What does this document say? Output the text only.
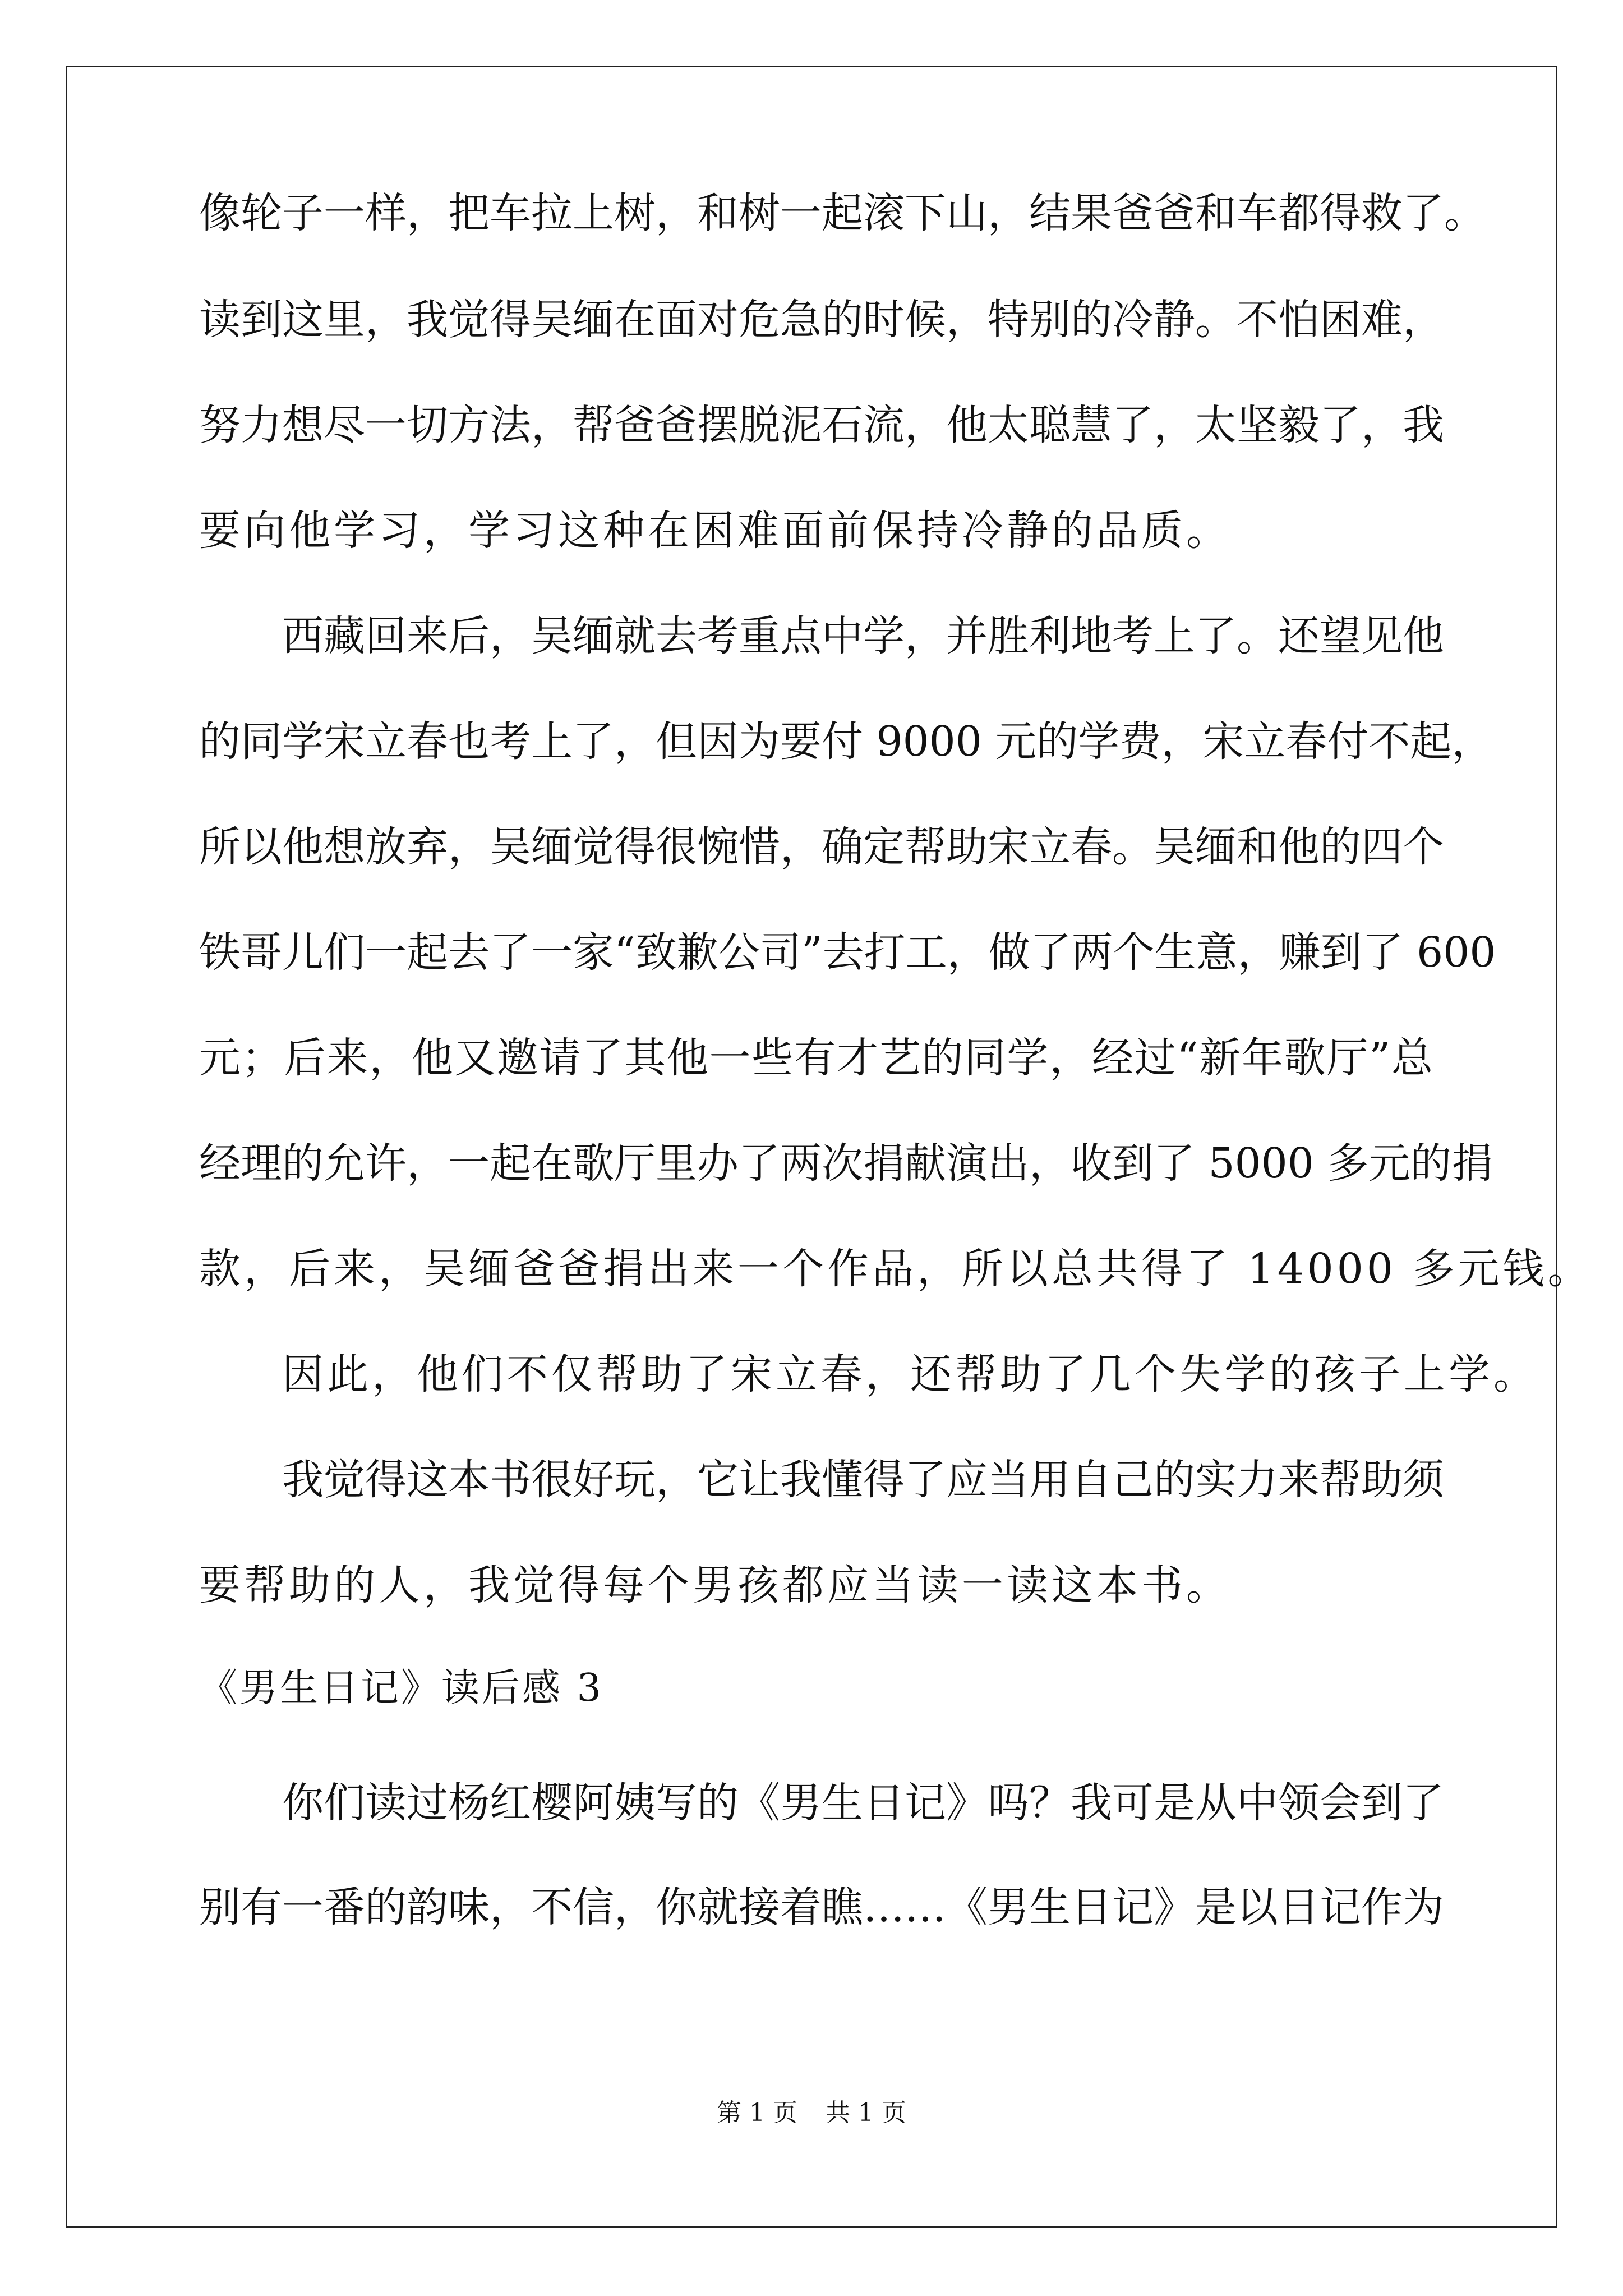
像轮子一样，把车拉上树，和树一起滚下山，结果爸爸和车都得救了。
读到这里，我觉得吴缅在面对危急的时候，特别的冷静。不怕困难，
努力想尽一切方法，帮爸爸摆脱泥石流，他太聪慧了，太坚毅了，我
要向他学习，学习这种在困难面前保持冷静的品质。
西藏回来后，吴缅就去考重点中学，并胜利地考上了。还望见他
的同学宋立春也考上了，但因为要付 9000 元的学费，宋立春付不起，
所以他想放弃，吴缅觉得很惋惜，确定帮助宋立春。吴缅和他的四个
铁哥儿们一起去了一家“致歉公司”去打工，做了两个生意，赚到了 600
元；后来，他又邀请了其他一些有才艺的同学，经过“新年歌厅”总
经理的允许，一起在歌厅里办了两次捐献演出，收到了 5000 多元的捐
款，后来，吴缅爸爸捐出来一个作品，所以总共得了 14000 多元钱。
因此，他们不仅帮助了宋立春，还帮助了几个失学的孩子上学。
我觉得这本书很好玩，它让我懂得了应当用自己的实力来帮助须
要帮助的人，我觉得每个男孩都应当读一读这本书。
《男生日记》读后感 3
你们读过杨红樱阿姨写的《男生日记》吗？我可是从中领会到了
别有一番的韵味，不信，你就接着瞧……《男生日记》是以日记作为
第 1 页 共 1 页
